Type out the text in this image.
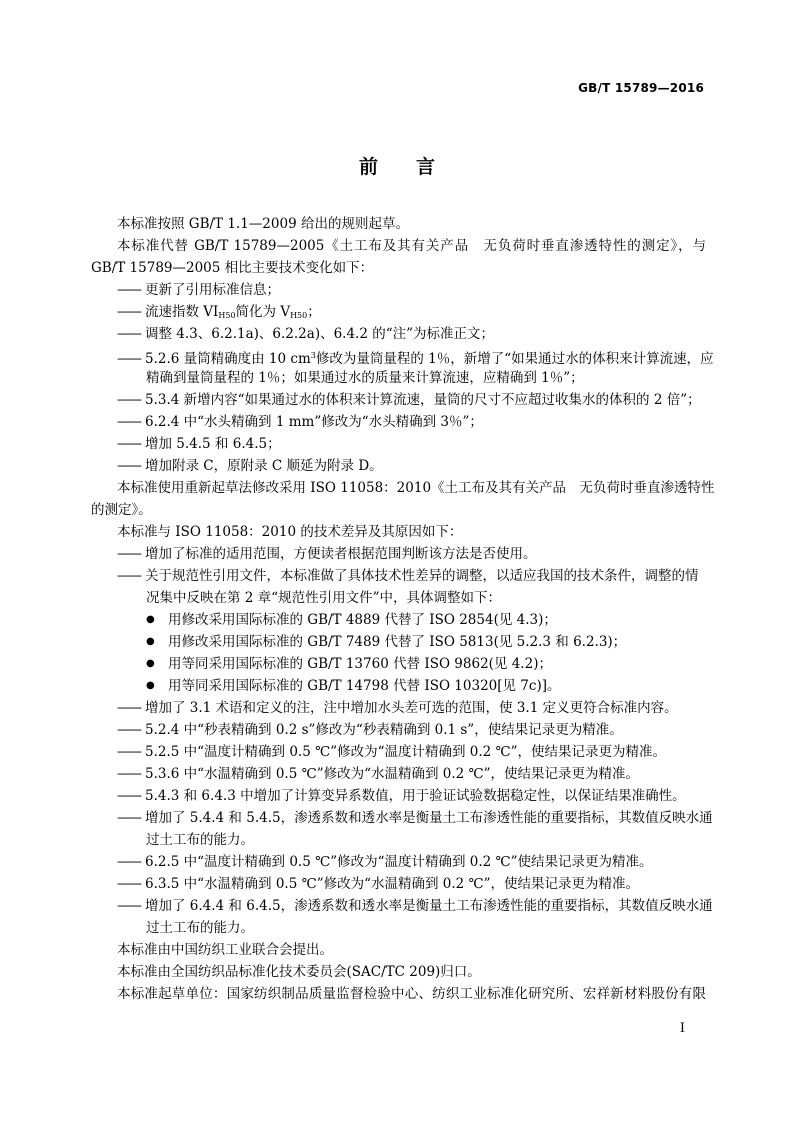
GB/T 15789—2016
前言
本标准按照 GB/T 1.1—2009 给出的规则起草。
本标准代替 GB/T 15789—2005《土工布及其有关产品　无负荷时垂直渗透特性的测定》，与
GB/T 15789—2005 相比主要技术变化如下：
—— 更新了引用标准信息；
—— 流速指数 $VI_{H50}$简化为 $V_{H50}$；
—— 调整 4.3、6.2.1a)、6.2.2a)、6.4.2 的“注”为标准正文；
—— 5.2.6 量筒精确度由 10 $cm^3$修改为量筒量程的 1％，新增了“如果通过水的体积来计算流速，应
精确到量筒量程的 1％；如果通过水的质量来计算流速，应精确到 1％”；
—— 5.3.4 新增内容“如果通过水的体积来计算流速，量筒的尺寸不应超过收集水的体积的 2 倍”；
—— 6.2.4 中“水头精确到 1 mm”修改为“水头精确到 3％”；
—— 增加 5.4.5 和 6.4.5；
—— 增加附录 C，原附录 C 顺延为附录 D。
本标准使用重新起草法修改采用 ISO 11058：2010《土工布及其有关产品　无负荷时垂直渗透特性
的测定》。
本标准与 ISO 11058：2010 的技术差异及其原因如下：
—— 增加了标准的适用范围，方便读者根据范围判断该方法是否使用。
—— 关于规范性引用文件，本标准做了具体技术性差异的调整，以适应我国的技术条件，调整的情
况集中反映在第 2 章“规范性引用文件”中，具体调整如下：
● 用修改采用国际标准的 GB/T 4889 代替了 ISO 2854(见 4.3)；
● 用修改采用国际标准的 GB/T 7489 代替了 ISO 5813(见 5.2.3 和 6.2.3)；
● 用等同采用国际标准的 GB/T 13760 代替 ISO 9862(见 4.2)；
● 用等同采用国际标准的 GB/T 14798 代替 ISO 10320[见 7c)]。
—— 增加了 3.1 术语和定义的注，注中增加水头差可选的范围，使 3.1 定义更符合标准内容。
—— 5.2.4 中“秒表精确到 0.2 s”修改为“秒表精确到 0.1 s”，使结果记录更为精准。
—— 5.2.5 中“温度计精确到 0.5 ℃”修改为“温度计精确到 0.2 ℃”，使结果记录更为精准。
—— 5.3.6 中“水温精确到 0.5 ℃”修改为“水温精确到 0.2 ℃”，使结果记录更为精准。
—— 5.4.3 和 6.4.3 中增加了计算变异系数值，用于验证试验数据稳定性，以保证结果准确性。
—— 增加了 5.4.4 和 5.4.5，渗透系数和透水率是衡量土工布渗透性能的重要指标，其数值反映水通
过土工布的能力。
—— 6.2.5 中“温度计精确到 0.5 ℃”修改为“温度计精确到 0.2 ℃”使结果记录更为精准。
—— 6.3.5 中“水温精确到 0.5 ℃”修改为“水温精确到 0.2 ℃”，使结果记录更为精准。
—— 增加了 6.4.4 和 6.4.5，渗透系数和透水率是衡量土工布渗透性能的重要指标，其数值反映水通
过土工布的能力。
本标准由中国纺织工业联合会提出。
本标准由全国纺织品标准化技术委员会(SAC/TC 209)归口。
本标准起草单位：国家纺织制品质量监督检验中心、纺织工业标准化研究所、宏祥新材料股份有限
I
